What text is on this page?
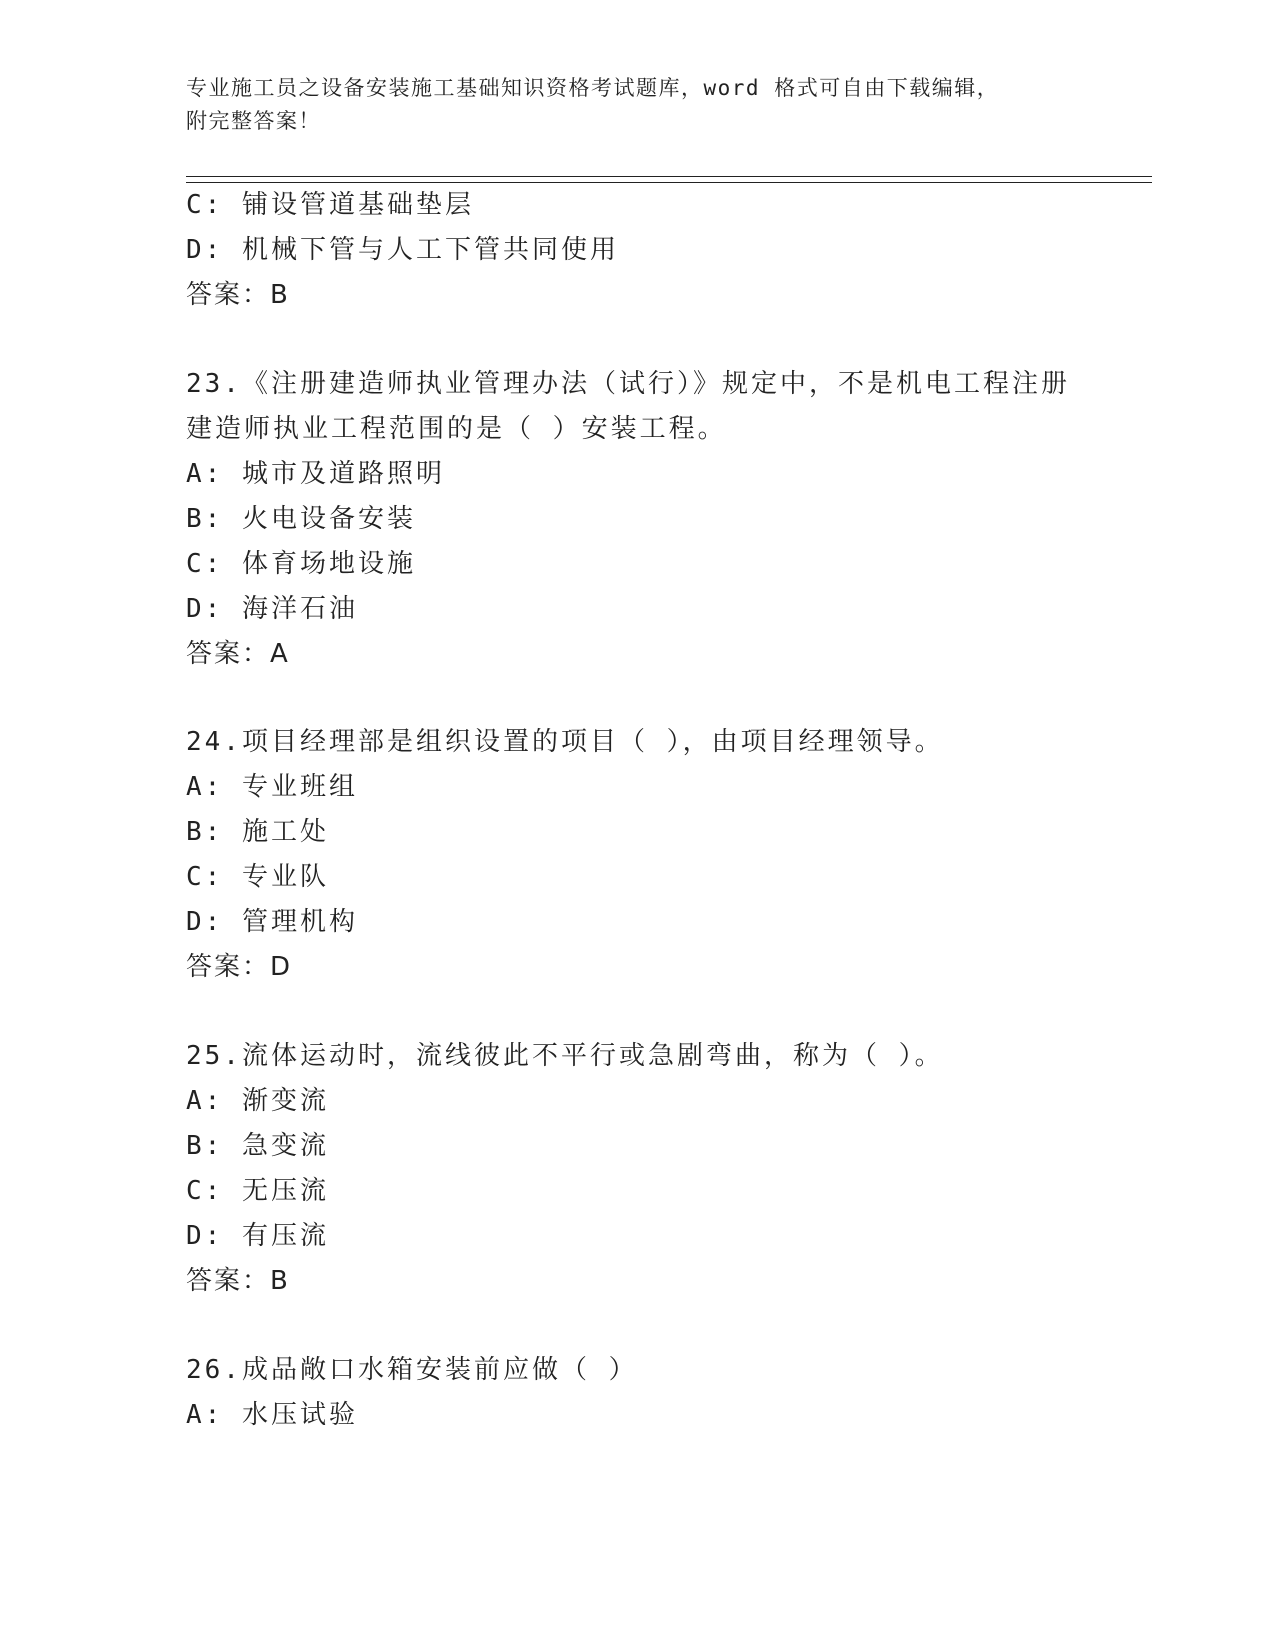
专业施工员之设备安装施工基础知识资格考试题库，word 格式可自由下载编辑，
附完整答案！
C: 铺设管道基础垫层
D: 机械下管与人工下管共同使用
答案：B
23.《注册建造师执业管理办法（试行）》规定中，不是机电工程注册
建造师执业工程范围的是（ ）安装工程。
A: 城市及道路照明
B: 火电设备安装
C: 体育场地设施
D: 海洋石油
答案：A
24.项目经理部是组织设置的项目（ ），由项目经理领导。
A: 专业班组
B: 施工处
C: 专业队
D: 管理机构
答案：D
25.流体运动时，流线彼此不平行或急剧弯曲，称为（ ）。
A: 渐变流
B: 急变流
C: 无压流
D: 有压流
答案：B
26.成品敞口水箱安装前应做（ ）
A: 水压试验
